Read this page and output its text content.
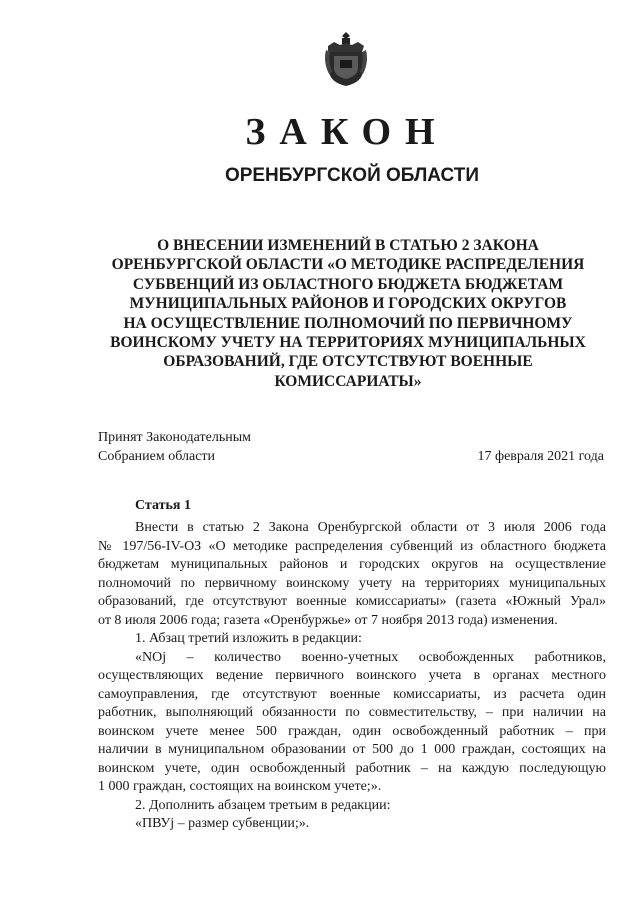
ЗАКОН
ОРЕНБУРГСКОЙ ОБЛАСТИ
О ВНЕСЕНИИ ИЗМЕНЕНИЙ В СТАТЬЮ 2 ЗАКОНА
ОРЕНБУРГСКОЙ ОБЛАСТИ «О МЕТОДИКЕ РАСПРЕДЕЛЕНИЯ
СУБВЕНЦИЙ ИЗ ОБЛАСТНОГО БЮДЖЕТА БЮДЖЕТАМ
МУНИЦИПАЛЬНЫХ РАЙОНОВ И ГОРОДСКИХ ОКРУГОВ
НА ОСУЩЕСТВЛЕНИЕ ПОЛНОМОЧИЙ ПО ПЕРВИЧНОМУ
ВОИНСКОМУ УЧЕТУ НА ТЕРРИТОРИЯХ МУНИЦИПАЛЬНЫХ
ОБРАЗОВАНИЙ, ГДЕ ОТСУТСТВУЮТ ВОЕННЫЕ
КОМИССАРИАТЫ»
Принят Законодательным
Собранием области	17 февраля 2021 года
Статья 1
Внести в статью 2 Закона Оренбургской области от 3 июля 2006 года
№ 197/56-IV-ОЗ «О методике распределения субвенций из областного бюджета
бюджетам муниципальных районов и городских округов на осуществление
полномочий по первичному воинскому учету на территориях муниципальных
образований, где отсутствуют военные комиссариаты» (газета «Южный Урал»
от 8 июля 2006 года; газета «Оренбуржье» от 7 ноября 2013 года) изменения.
1. Абзац третий изложить в редакции:
«NOj – количество военно-учетных освобожденных работников,
осуществляющих ведение первичного воинского учета в органах местного
самоуправления, где отсутствуют военные комиссариаты, из расчета один
работник, выполняющий обязанности по совместительству, – при наличии на
воинском учете менее 500 граждан, один освобожденный работник – при
наличии в муниципальном образовании от 500 до 1 000 граждан, состоящих на
воинском учете, один освобожденный работник – на каждую последующую
1 000 граждан, состоящих на воинском учете;».
2. Дополнить абзацем третьим в редакции:
«ПВУj – размер субвенции;».
